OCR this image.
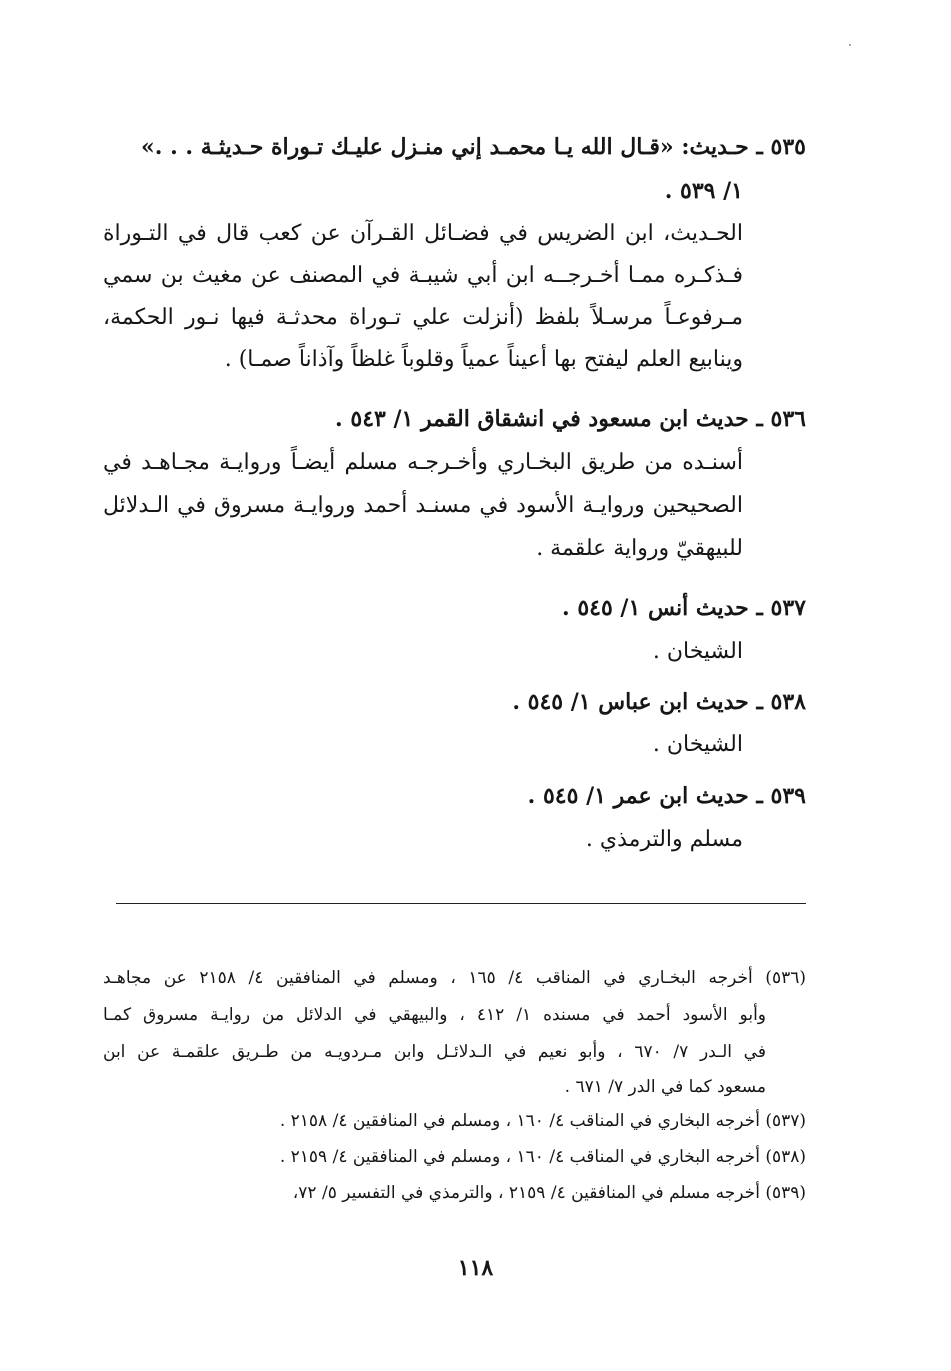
٥٣٥ ـ حـديث: «قـال الله يـا محمـد إني منـزل عليـك تـوراة حـديثـة . . .»
١/ ٥٣٩ .
الحـديث، ابن الضريس في فضـائل القـرآن عن كعب قال في التـوراة
فـذكـره ممـا أخـرجــه ابن أبي شيبـة في المصنف عن مغيث بن سمي
مـرفوعـاً مرسـلاً بلفظ (أنزلت علي تـوراة محدثـة فيها نـور الحكمة،
وينابيع العلم ليفتح بها أعيناً عمياً وقلوباً غلظاً وآذاناً صمـا) .
٥٣٦ ـ حديث ابن مسعود في انشقاق القمر ١/ ٥٤٣ .
أسنـده من طريق البخـاري وأخـرجـه مسلم أيضـاً وروايـة مجـاهـد في
الصحيحين وروايـة الأسود في مسنـد أحمد وروايـة مسروق في الـدلائل
للبيهقيّ ورواية علقمة .
٥٣٧ ـ حديث أنس ١/ ٥٤٥ .
الشيخان .
٥٣٨ ـ حديث ابن عباس ١/ ٥٤٥ .
الشيخان .
٥٣٩ ـ حديث ابن عمر ١/ ٥٤٥ .
مسلم والترمذي .
(٥٣٦) أخرجه البخـاري في المناقب ٤/ ١٦٥ ، ومسلم في المنافقين ٤/ ٢١٥٨ عن مجاهـد
وأبو الأسود أحمد في مسنده ١/ ٤١٢ ، والبيهقي في الدلائل من روايـة مسروق كمـا
في الـدر ٧/ ٦٧٠ ، وأبو نعيم في الـدلائـل وابن مـردويـه من طـريق علقمـة عن ابن
مسعود كما في الدر ٧/ ٦٧١ .
(٥٣٧) أخرجه البخاري في المناقب ٤/ ١٦٠ ، ومسلم في المنافقين ٤/ ٢١٥٨ .
(٥٣٨) أخرجه البخاري في المناقب ٤/ ١٦٠ ، ومسلم في المنافقين ٤/ ٢١٥٩ .
(٥٣٩) أخرجه مسلم في المنافقين ٤/ ٢١٥٩ ، والترمذي في التفسير ٥/ ٧٢،
١١٨
